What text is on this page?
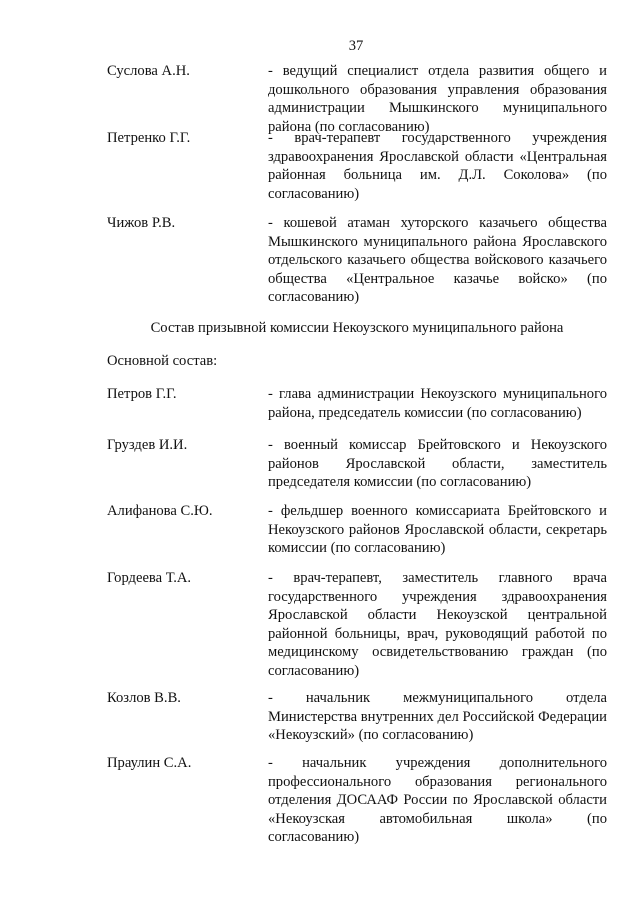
37
Суслова А.Н.	- ведущий специалист отдела развития общего и дошкольного образования управления образования администрации Мышкинского муниципального района (по согласованию)
Петренко Г.Г.	- врач-терапевт государственного учреждения здравоохранения Ярославской области «Центральная районная больница им. Д.Л. Соколова» (по согласованию)
Чижов Р.В.	- кошевой атаман хуторского казачьего общества Мышкинского муниципального района Ярославского отдельского казачьего общества войскового казачьего общества «Центральное казачье войско» (по согласованию)
Состав призывной комиссии Некоузского муниципального района
Основной состав:
Петров Г.Г.	- глава администрации Некоузского муниципального района, председатель комиссии (по согласованию)
Груздев И.И.	- военный комиссар Брейтовского и Некоузского районов Ярославской области, заместитель председателя комиссии (по согласованию)
Алифанова С.Ю.	- фельдшер военного комиссариата Брейтовского и Некоузского районов Ярославской области, секретарь комиссии (по согласованию)
Гордеева Т.А.	- врач-терапевт, заместитель главного врача государственного учреждения здравоохранения Ярославской области Некоузской центральной районной больницы, врач, руководящий работой по медицинскому освидетельствованию граждан (по согласованию)
Козлов В.В.	- начальник межмуниципального отдела Министерства внутренних дел Российской Федерации «Некоузский» (по согласованию)
Праулин С.А.	- начальник учреждения дополнительного профессионального образования регионального отделения ДОСААФ России по Ярославской области «Некоузская автомобильная школа» (по согласованию)
